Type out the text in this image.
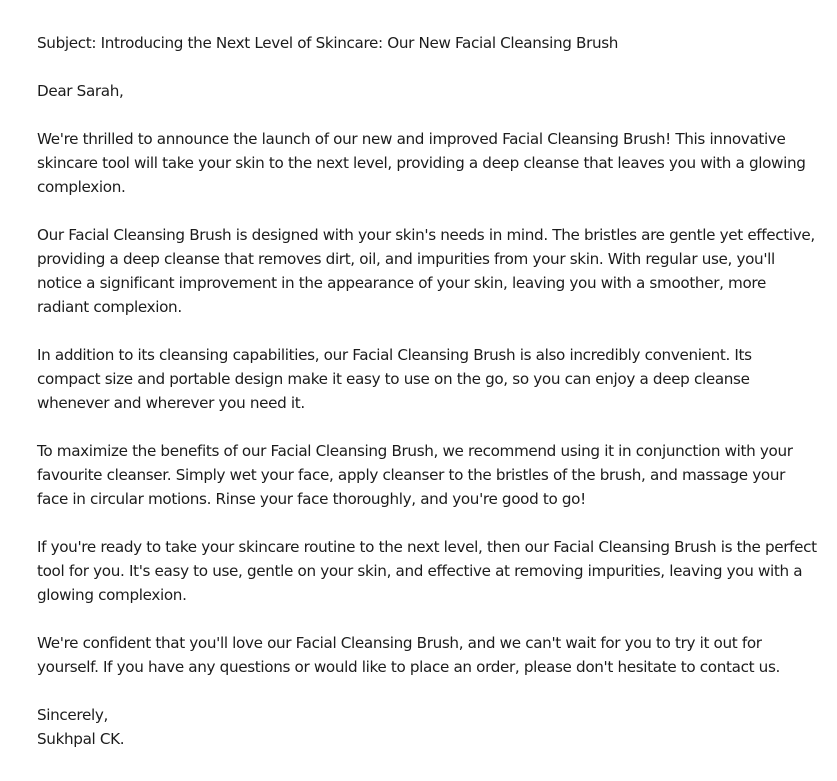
Subject: Introducing the Next Level of Skincare: Our New Facial Cleansing Brush

Dear Sarah,

We're thrilled to announce the launch of our new and improved Facial Cleansing Brush! This innovative skincare tool will take your skin to the next level, providing a deep cleanse that leaves you with a glowing complexion.

Our Facial Cleansing Brush is designed with your skin's needs in mind. The bristles are gentle yet effective, providing a deep cleanse that removes dirt, oil, and impurities from your skin. With regular use, you'll notice a significant improvement in the appearance of your skin, leaving you with a smoother, more radiant complexion.

In addition to its cleansing capabilities, our Facial Cleansing Brush is also incredibly convenient. Its compact size and portable design make it easy to use on the go, so you can enjoy a deep cleanse whenever and wherever you need it.

To maximize the benefits of our Facial Cleansing Brush, we recommend using it in conjunction with your favourite cleanser. Simply wet your face, apply cleanser to the bristles of the brush, and massage your face in circular motions. Rinse your face thoroughly, and you're good to go!

If you're ready to take your skincare routine to the next level, then our Facial Cleansing Brush is the perfect tool for you. It's easy to use, gentle on your skin, and effective at removing impurities, leaving you with a glowing complexion.

We're confident that you'll love our Facial Cleansing Brush, and we can't wait for you to try it out for yourself. If you have any questions or would like to place an order, please don't hesitate to contact us.

Sincerely,
Sukhpal CK.
